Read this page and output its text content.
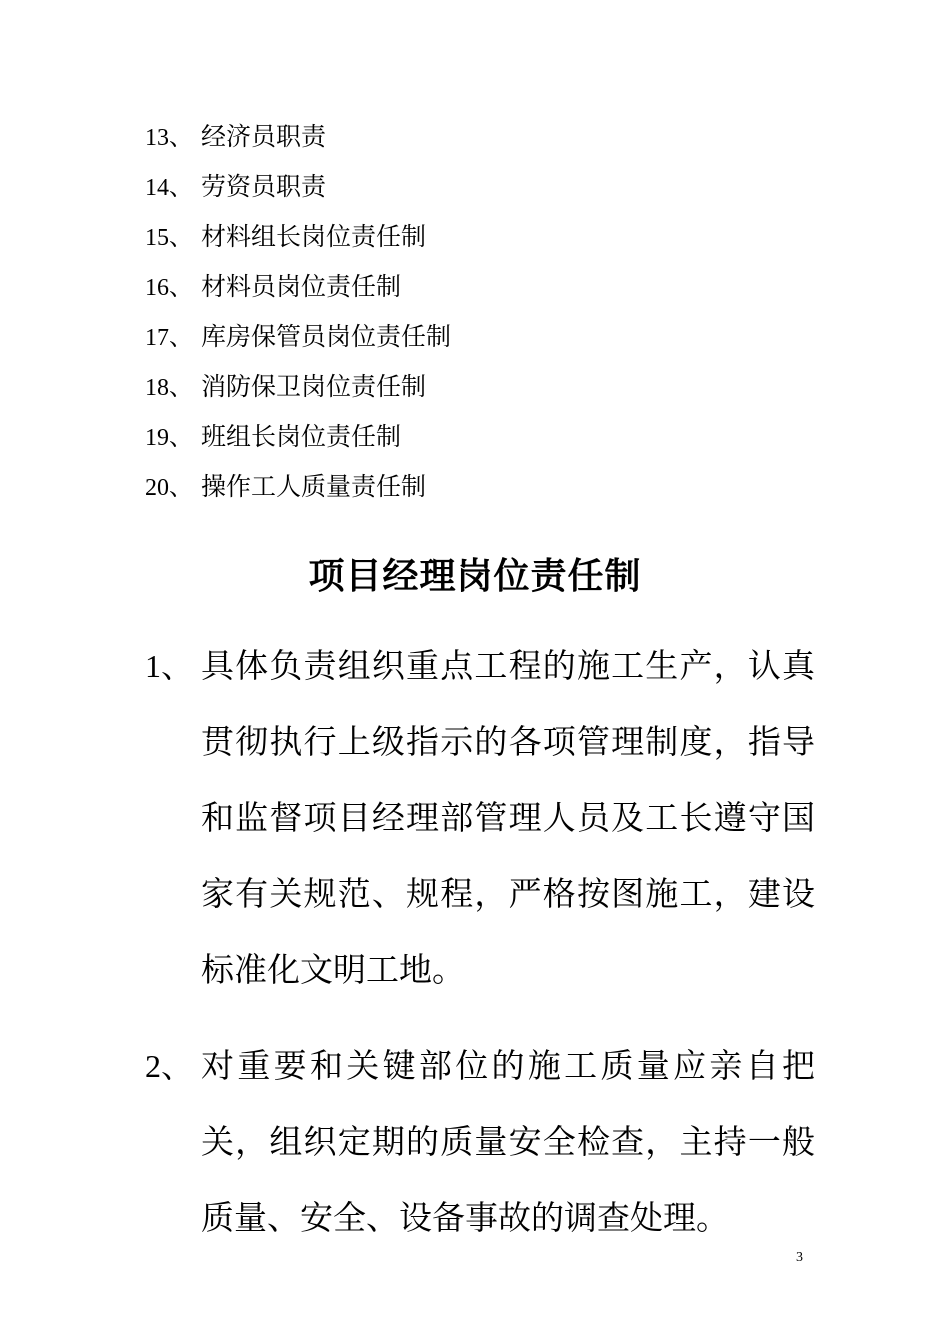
13、 经济员职责
14、 劳资员职责
15、 材料组长岗位责任制
16、 材料员岗位责任制
17、 库房保管员岗位责任制
18、 消防保卫岗位责任制
19、 班组长岗位责任制
20、 操作工人质量责任制
项目经理岗位责任制
1、 具体负责组织重点工程的施工生产，认真贯彻执行上级指示的各项管理制度，指导和监督项目经理部管理人员及工长遵守国家有关规范、规程，严格按图施工，建设标准化文明工地。
2、 对重要和关键部位的施工质量应亲自把关，组织定期的质量安全检查，主持一般质量、安全、设备事故的调查处理。
3
